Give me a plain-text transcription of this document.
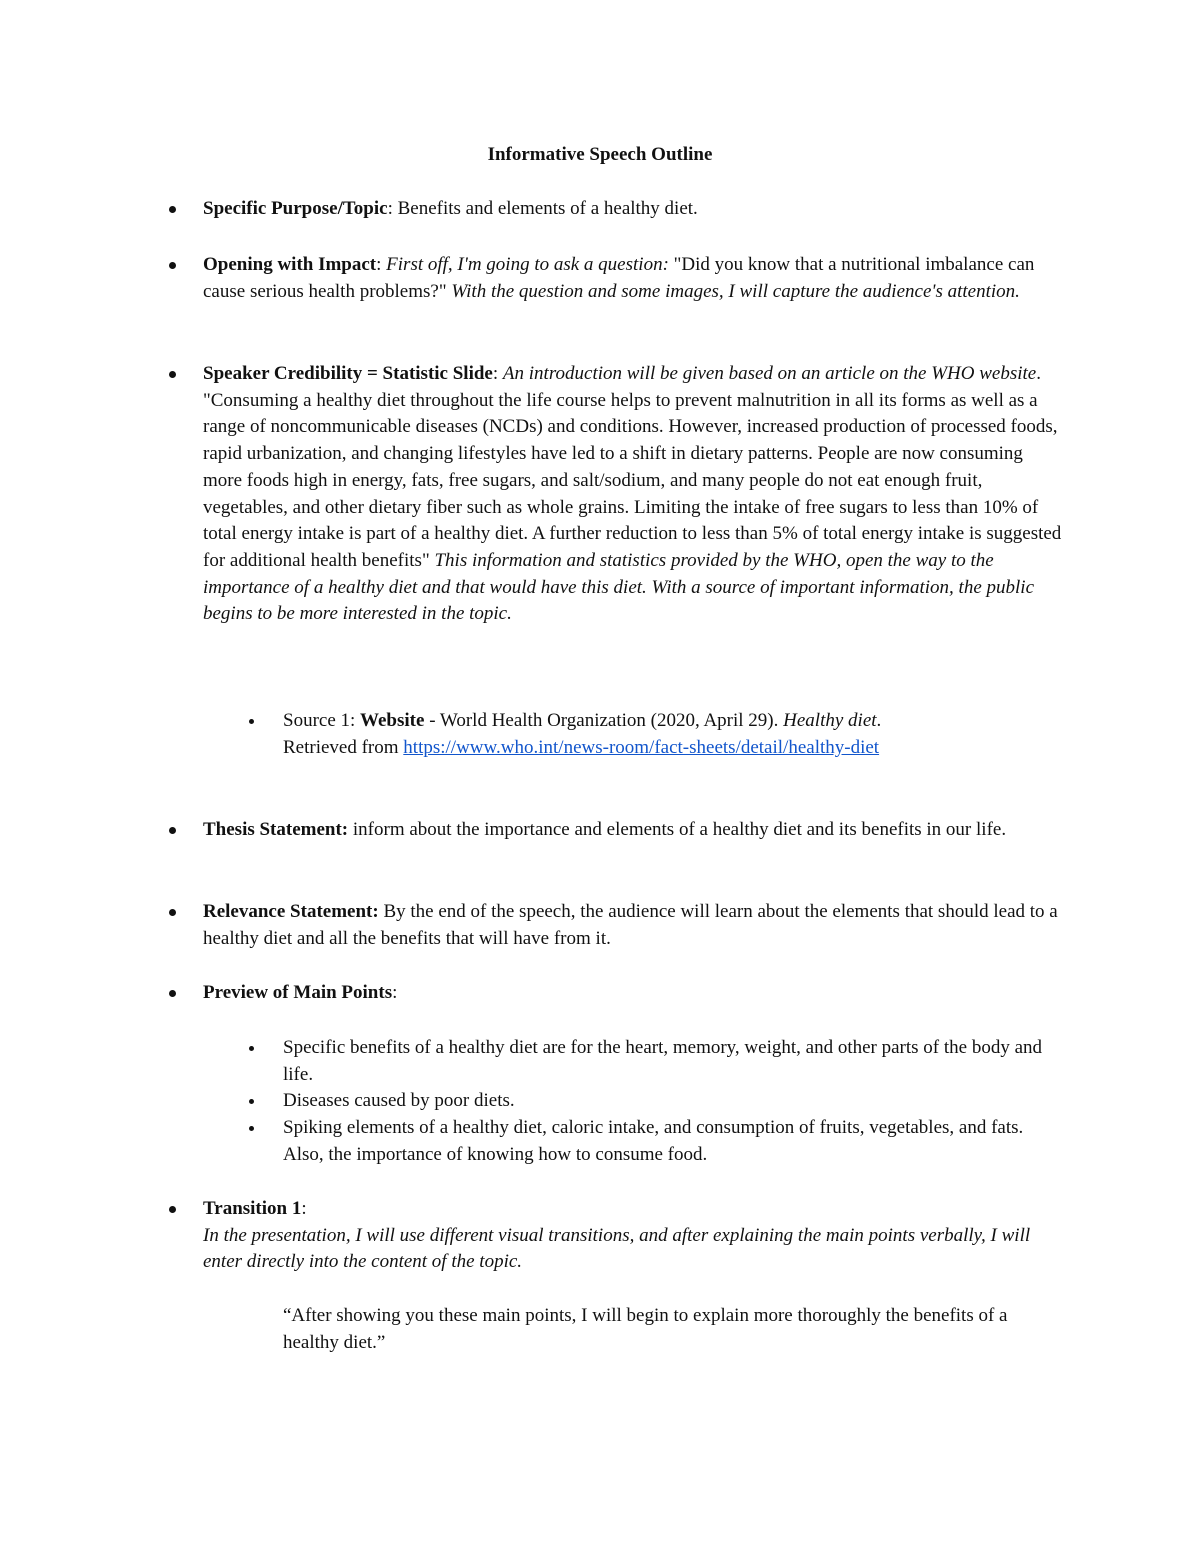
Informative Speech Outline

Specific Purpose/Topic: Benefits and elements of a healthy diet.

Opening with Impact: First off, I'm going to ask a question: "Did you know that a nutritional imbalance can cause serious health problems?" With the question and some images, I will capture the audience's attention.

Speaker Credibility = Statistic Slide: An introduction will be given based on an article on the WHO website. "Consuming a healthy diet throughout the life course helps to prevent malnutrition in all its forms as well as a range of noncommunicable diseases (NCDs) and conditions. However, increased production of processed foods, rapid urbanization, and changing lifestyles have led to a shift in dietary patterns. People are now consuming more foods high in energy, fats, free sugars, and salt/sodium, and many people do not eat enough fruit, vegetables, and other dietary fiber such as whole grains. Limiting the intake of free sugars to less than 10% of total energy intake is part of a healthy diet. A further reduction to less than 5% of total energy intake is suggested for additional health benefits" This information and statistics provided by the WHO, open the way to the importance of a healthy diet and that would have this diet. With a source of important information, the public begins to be more interested in the topic.

Source 1: Website - World Health Organization (2020, April 29). Healthy diet.
Retrieved from https://www.who.int/news-room/fact-sheets/detail/healthy-diet

Thesis Statement: inform about the importance and elements of a healthy diet and its benefits in our life.

Relevance Statement: By the end of the speech, the audience will learn about the elements that should lead to a healthy diet and all the benefits that will have from it.

Preview of Main Points:

Specific benefits of a healthy diet are for the heart, memory, weight, and other parts of the body and life.

Diseases caused by poor diets.

Spiking elements of a healthy diet, caloric intake, and consumption of fruits, vegetables, and fats. Also, the importance of knowing how to consume food.

Transition 1:
In the presentation, I will use different visual transitions, and after explaining the main points verbally, I will enter directly into the content of the topic.

“After showing you these main points, I will begin to explain more thoroughly the benefits of a healthy diet.”
